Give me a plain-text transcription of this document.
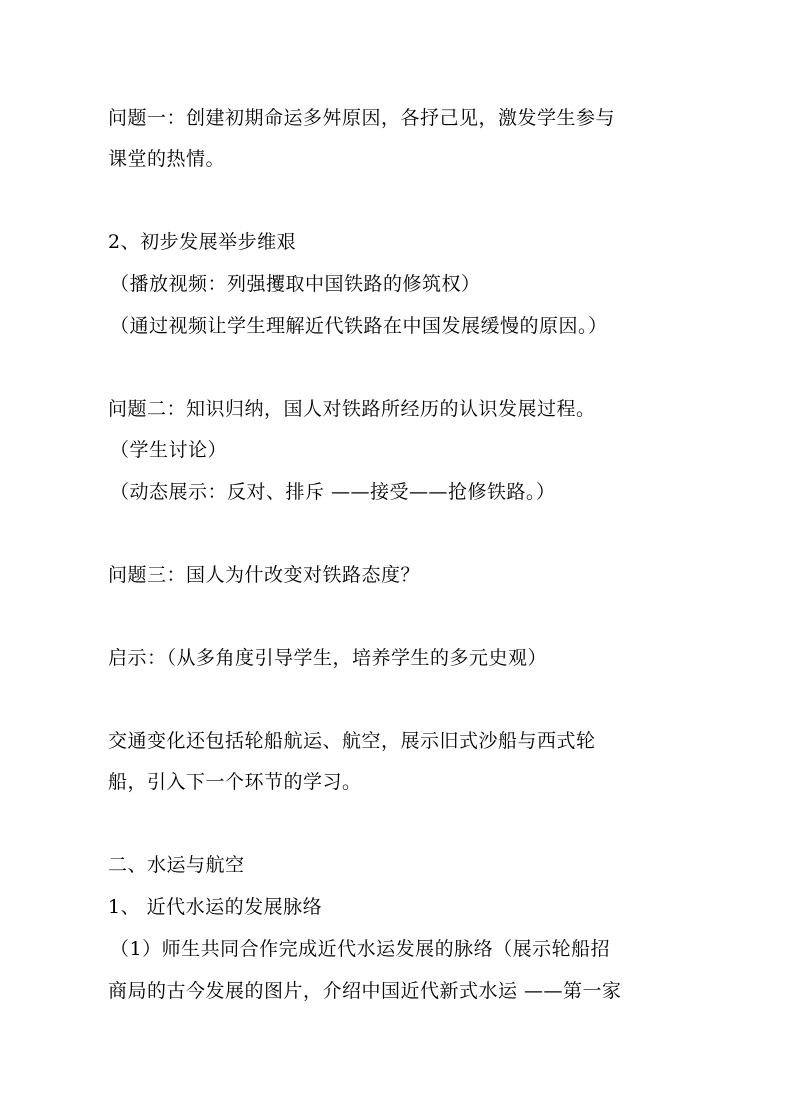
问题一：创建初期命运多舛原因，各抒己见，激发学生参与
课堂的热情。
2、初步发展举步维艰
（播放视频：列强攫取中国铁路的修筑权）
（通过视频让学生理解近代铁路在中国发展缓慢的原因。）
问题二：知识归纳，国人对铁路所经历的认识发展过程。
（学生讨论）
（动态展示：反对、排斥 ——接受——抢修铁路。）
问题三：国人为什改变对铁路态度？
启示：（从多角度引导学生，培养学生的多元史观）
交通变化还包括轮船航运、航空，展示旧式沙船与西式轮
船，引入下一个环节的学习。
二、水运与航空
1、 近代水运的发展脉络
（1）师生共同合作完成近代水运发展的脉络（展示轮船招
商局的古今发展的图片，介绍中国近代新式水运 ——第一家
